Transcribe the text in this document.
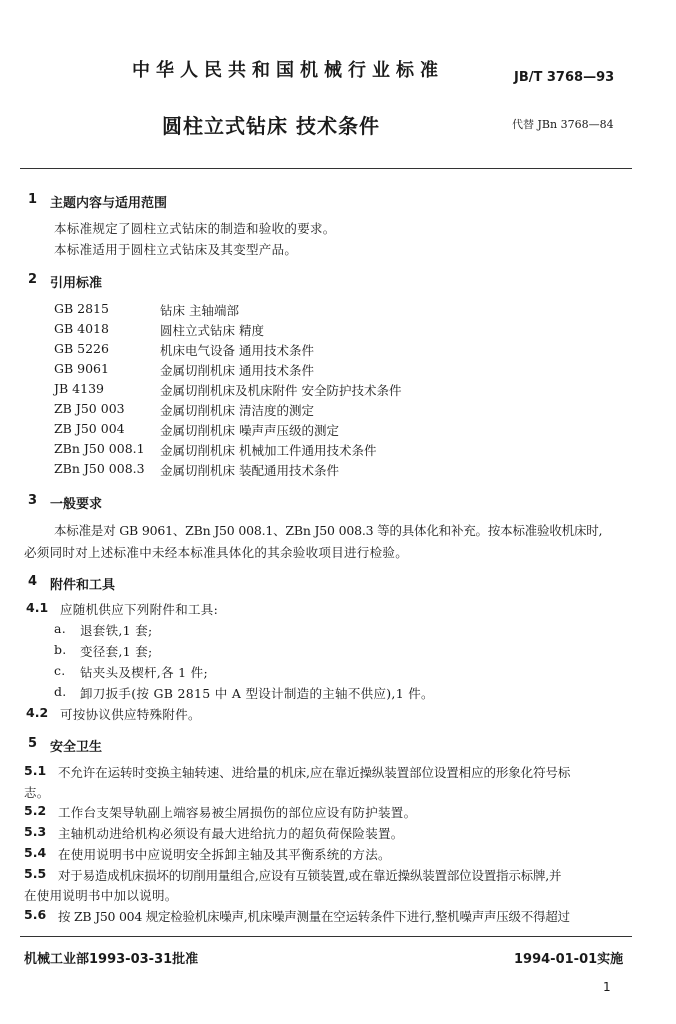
中华人民共和国机械行业标准	JB/T 3768—93
圆柱立式钻床 技术条件	代替 JBn 3768—84
1 主题内容与适用范围
本标准规定了圆柱立式钻床的制造和验收的要求。
本标准适用于圆柱立式钻床及其变型产品。
2 引用标准
GB 2815	钻床 主轴端部
GB 4018	圆柱立式钻床 精度
GB 5226	机床电气设备 通用技术条件
GB 9061	金属切削机床 通用技术条件
JB 4139	金属切削机床及机床附件 安全防护技术条件
ZB J50 003	金属切削机床 清洁度的测定
ZB J50 004	金属切削机床 噪声声压级的测定
ZBn J50 008.1 金属切削机床 机械加工件通用技术条件
ZBn J50 008.3 金属切削机床 装配通用技术条件
3 一般要求
本标准是对 GB 9061、ZBn J50 008.1、ZBn J50 008.3 等的具体化和补充。按本标准验收机床时,
必须同时对上述标准中未经本标准具体化的其余验收项目进行检验。
4 附件和工具
4.1 应随机供应下列附件和工具:
a. 退套铁,1 套;
b. 变径套,1 套;
c. 钻夹头及楔杆,各 1 件;
d. 卸刀扳手(按 GB 2815 中 A 型设计制造的主轴不供应),1 件。
4.2 可按协议供应特殊附件。
5 安全卫生
5.1 不允许在运转时变换主轴转速、进给量的机床,应在靠近操纵装置部位设置相应的形象化符号标
志。
5.2 工作台支架导轨副上端容易被尘屑损伤的部位应设有防护装置。
5.3 主轴机动进给机构必须设有最大进给抗力的超负荷保险装置。
5.4 在使用说明书中应说明安全拆卸主轴及其平衡系统的方法。
5.5 对于易造成机床损坏的切削用量组合,应设有互锁装置,或在靠近操纵装置部位设置指示标牌,并
在使用说明书中加以说明。
5.6 按 ZB J50 004 规定检验机床噪声,机床噪声测量在空运转条件下进行,整机噪声声压级不得超过
机械工业部1993-03-31批准	1994-01-01实施
1
